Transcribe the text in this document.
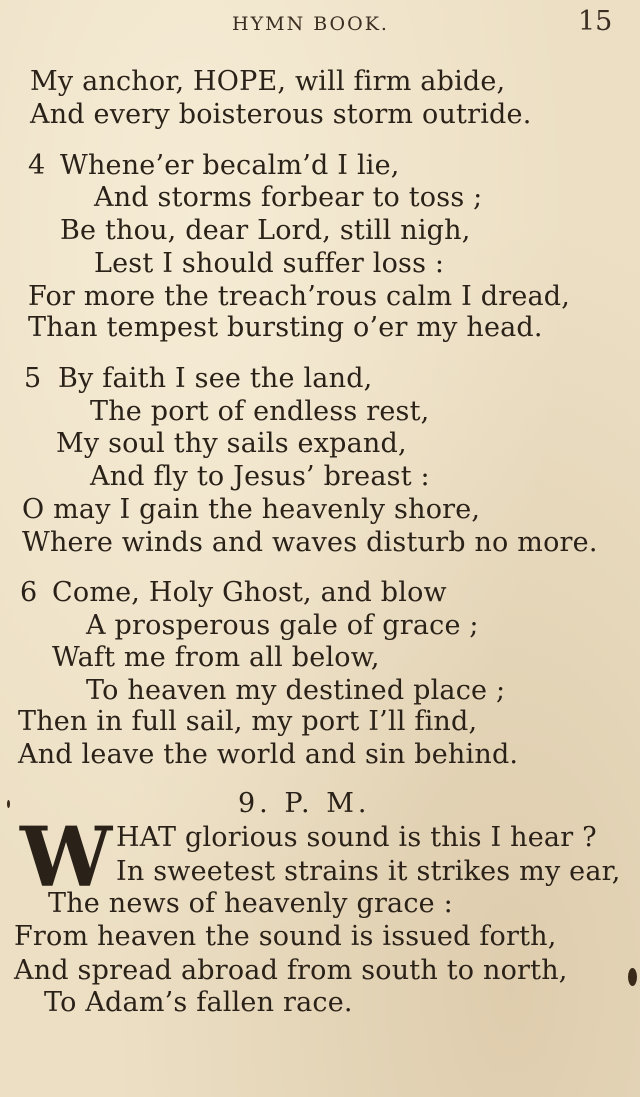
HYMN BOOK.	15
My anchor, HOPE, will firm abide,
And every boisterous storm outride.
4 Whene’er becalm’d I lie,
And storms forbear to toss ;
Be thou, dear Lord, still nigh,
Lest I should suffer loss :
For more the treach’rous calm I dread,
Than tempest bursting o’er my head.
5 By faith I see the land,
The port of endless rest,
My soul thy sails expand,
And fly to Jesus’ breast :
O may I gain the heavenly shore,
Where winds and waves disturb no more.
6 Come, Holy Ghost, and blow
A prosperous gale of grace ;
Waft me from all below,
To heaven my destined place ;
Then in full sail, my port I’ll find,
And leave the world and sin behind.
9. P. M.
W HAT glorious sound is this I hear ?
In sweetest strains it strikes my ear,
The news of heavenly grace :
From heaven the sound is issued forth,
And spread abroad from south to north,
To Adam’s fallen race.
